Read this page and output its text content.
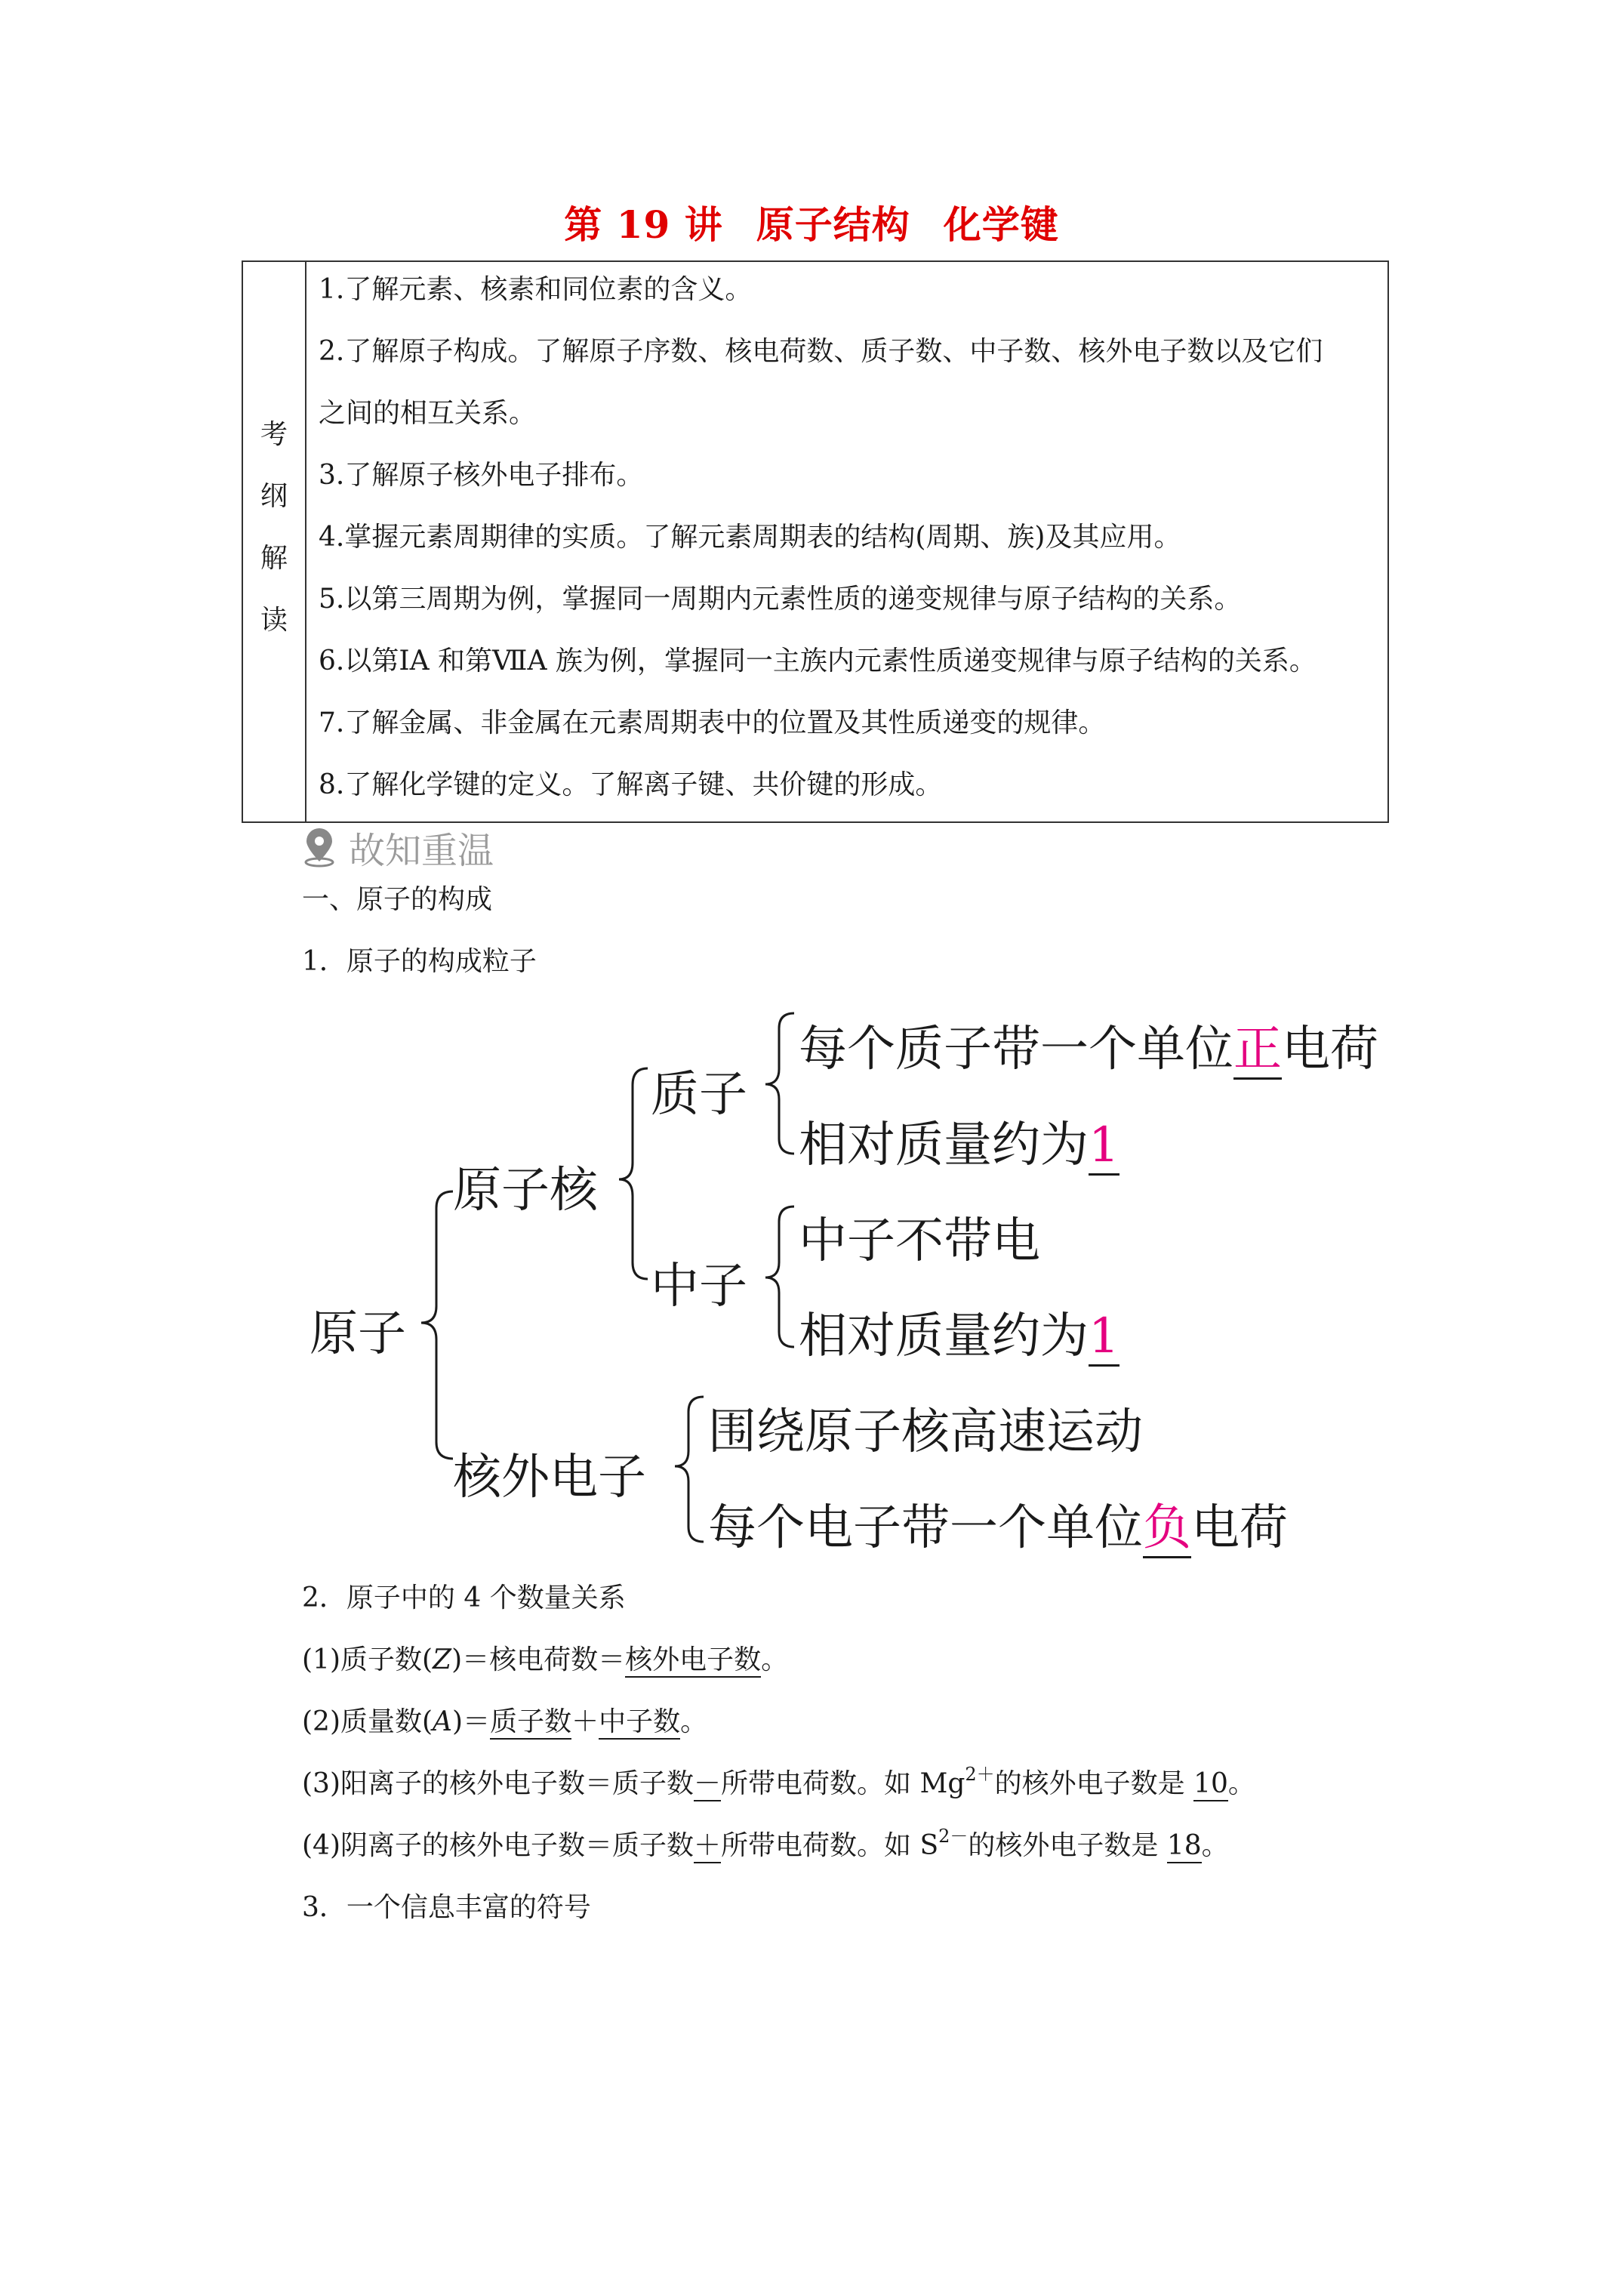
第 19 讲 原子结构 化学键
考
纲
解
读
1.了解元素、核素和同位素的含义。
2.了解原子构成。了解原子序数、核电荷数、质子数、中子数、核外电子数以及它们
之间的相互关系。
3.了解原子核外电子排布。
4.掌握元素周期律的实质。了解元素周期表的结构(周期、族)及其应用。
5.以第三周期为例，掌握同一周期内元素性质的递变规律与原子结构的关系。
6.以第ⅠA 和第ⅦA 族为例，掌握同一主族内元素性质递变规律与原子结构的关系。
7.了解金属、非金属在元素周期表中的位置及其性质递变的规律。
8.了解化学键的定义。了解离子键、共价键的形成。
故知重温
一、原子的构成
1．原子的构成粒子
原子
原子核
质子
每个质子带一个单位正电荷
相对质量约为1
中子
中子不带电
相对质量约为1
核外电子
围绕原子核高速运动
每个电子带一个单位负电荷
2．原子中的 4 个数量关系
(1)质子数(Z)＝核电荷数＝核外电子数。
(2)质量数(A)＝质子数＋中子数。
(3)阳离子的核外电子数＝质子数－所带电荷数。如 $Mg^{2+}$的核外电子数是 10。
(4)阴离子的核外电子数＝质子数＋所带电荷数。如 $S^{2-}$的核外电子数是 18。
3．一个信息丰富的符号
